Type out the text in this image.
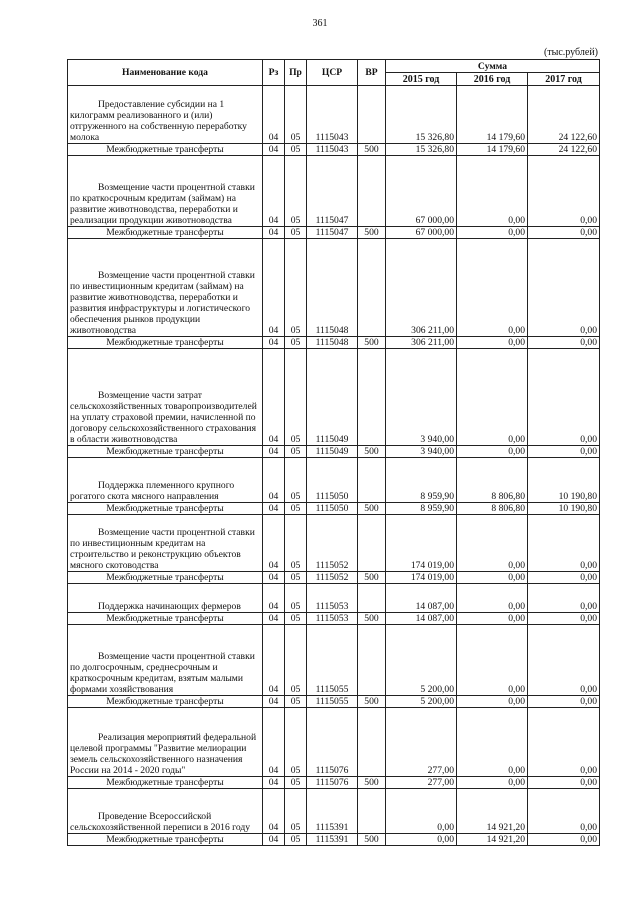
361
(тыс.рублей)
Наименование кода	Рз	Пр	ЦСР	ВР	Сумма		
					2015 год	2016 год	2017 год
Предоставление субсидии на 1 килограмм реализованного и (или) отгруженного на собственную переработку молока	04	05	1115043		15 326,80	14 179,60	24 122,60
Межбюджетные трансферты	04	05	1115043	500	15 326,80	14 179,60	24 122,60
Возмещение части процентной ставки по краткосрочным кредитам (займам) на развитие животноводства, переработки и реализации продукции животноводства	04	05	1115047		67 000,00	0,00	0,00
Межбюджетные трансферты	04	05	1115047	500	67 000,00	0,00	0,00
Возмещение части процентной ставки по инвестиционным кредитам (займам) на развитие животноводства, переработки и развития инфраструктуры и логистического обеспечения рынков продукции животноводства	04	05	1115048		306 211,00	0,00	0,00
Межбюджетные трансферты	04	05	1115048	500	306 211,00	0,00	0,00
Возмещение части затрат сельскохозяйственных товаропроизводителей на уплату страховой премии, начисленной по договору сельскохозяйственного страхования в области животноводства	04	05	1115049		3 940,00	0,00	0,00
Межбюджетные трансферты	04	05	1115049	500	3 940,00	0,00	0,00
Поддержка племенного крупного рогатого скота мясного направления	04	05	1115050		8 959,90	8 806,80	10 190,80
Межбюджетные трансферты	04	05	1115050	500	8 959,90	8 806,80	10 190,80
Возмещение части процентной ставки по инвестиционным кредитам на строительство и реконструкцию объектов мясного скотоводства	04	05	1115052		174 019,00	0,00	0,00
Межбюджетные трансферты	04	05	1115052	500	174 019,00	0,00	0,00
Поддержка начинающих фермеров	04	05	1115053		14 087,00	0,00	0,00
Межбюджетные трансферты	04	05	1115053	500	14 087,00	0,00	0,00
Возмещение части процентной ставки по долгосрочным, среднесрочным и краткосрочным кредитам, взятым малыми формами хозяйствования	04	05	1115055		5 200,00	0,00	0,00
Межбюджетные трансферты	04	05	1115055	500	5 200,00	0,00	0,00
Реализация мероприятий федеральной целевой программы "Развитие мелиорации земель сельскохозяйственного назначения России на 2014 - 2020 годы"	04	05	1115076		277,00	0,00	0,00
Межбюджетные трансферты	04	05	1115076	500	277,00	0,00	0,00
Проведение Всероссийской сельскохозяйственной переписи в 2016 году	04	05	1115391		0,00	14 921,20	0,00
Межбюджетные трансферты	04	05	1115391	500	0,00	14 921,20	0,00
